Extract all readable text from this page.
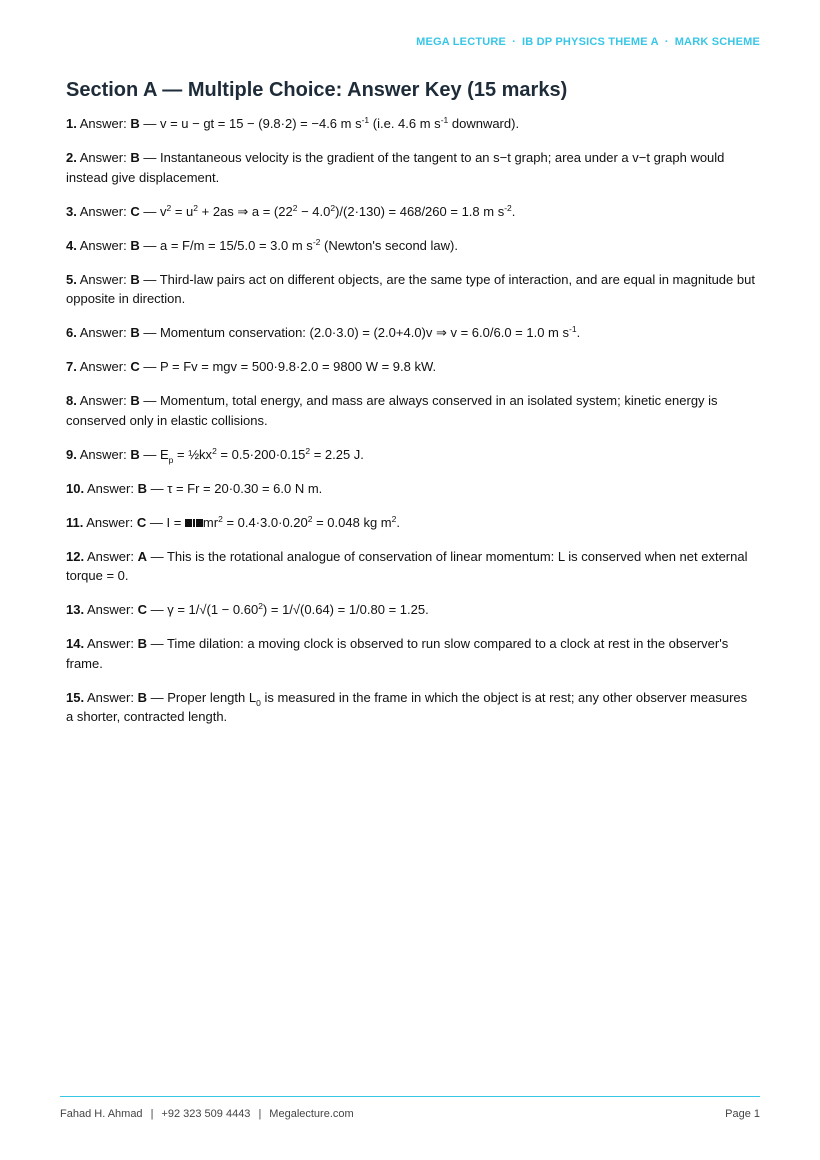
MEGA LECTURE · IB DP PHYSICS THEME A · MARK SCHEME
Section A — Multiple Choice: Answer Key (15 marks)

1. Answer: B — v = u − gt = 15 − (9.8·2) = −4.6 m $s^{-1}$ (i.e. 4.6 m $s^{-1}$ downward).

2. Answer: B — Instantaneous velocity is the gradient of the tangent to an s−t graph; area under a v−t graph would instead give displacement.

3. Answer: C — $v^2 = u^2 + 2as$ ⇒ $a = (22^2 - 4.0^2)/(2\cdot 130) = 468/260 = 1.8$ m $s^{-2}$.

4. Answer: B — a = F/m = 15/5.0 = 3.0 m $s^{-2}$ (Newton's second law).

5. Answer: B — Third-law pairs act on different objects, are the same type of interaction, and are equal in magnitude but opposite in direction.

6. Answer: B — Momentum conservation: (2.0·3.0) = (2.0+4.0)v ⇒ v = 6.0/6.0 = 1.0 m $s^{-1}$.

7. Answer: C — P = Fv = mgv = 500·9.8·2.0 = 9800 W = 9.8 kW.

8. Answer: B — Momentum, total energy, and mass are always conserved in an isolated system; kinetic energy is conserved only in elastic collisions.

9. Answer: B — $E_p$ = $\frac{1}{2}kx^2 = 0.5\cdot 200\cdot 0.15^2 = 2.25$ J.

10. Answer: B — τ = Fr = 20·0.30 = 6.0 N m.

11. Answer: C — $I = mr^2 = 0.4\cdot 3.0\cdot 0.20^2 = 0.048$ kg $m^2$.

12. Answer: A — This is the rotational analogue of conservation of linear momentum: L is conserved when net external torque = 0.

13. Answer: C — $\gamma = 1/√(1 - 0.60^2) = 1/√(0.64) = 1/0.80 = 1.25$.

14. Answer: B — Time dilation: a moving clock is observed to run slow compared to a clock at rest in the observer's frame.

15. Answer: B — Proper length $L_0$ is measured in the frame in which the object is at rest; any other observer measures a shorter, contracted length.

Fahad H. Ahmad | +92 323 509 4443 | Megalecture.com	Page 1
